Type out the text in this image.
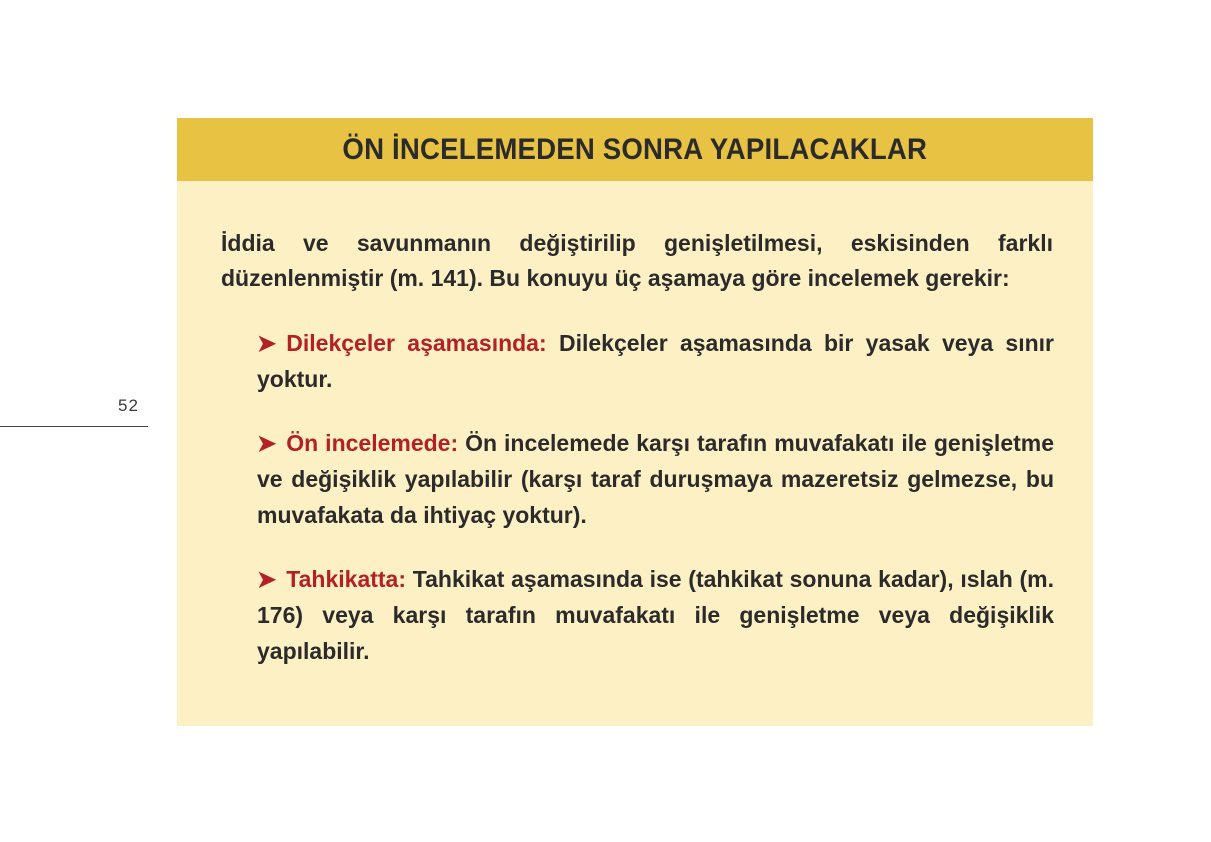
52
ÖN İNCELEMEDEN SONRA YAPILACAKLAR

İddia ve savunmanın değiştirilip genişletilmesi, eskisinden farklı düzenlenmiştir (m. 141). Bu konuyu üç aşamaya göre incelemek gerekir:

➤ Dilekçeler aşamasında: Dilekçeler aşamasında bir yasak veya sınır yoktur.

➤ Ön incelemede: Ön incelemede karşı tarafın muvafakatı ile genişletme ve değişiklik yapılabilir (karşı taraf duruşmaya mazeretsiz gelmezse, bu muvafakata da ihtiyaç yoktur).

➤ Tahkikatta: Tahkikat aşamasında ise (tahkikat sonuna kadar), ıslah (m. 176) veya karşı tarafın muvafakatı ile genişletme veya değişiklik yapılabilir.
